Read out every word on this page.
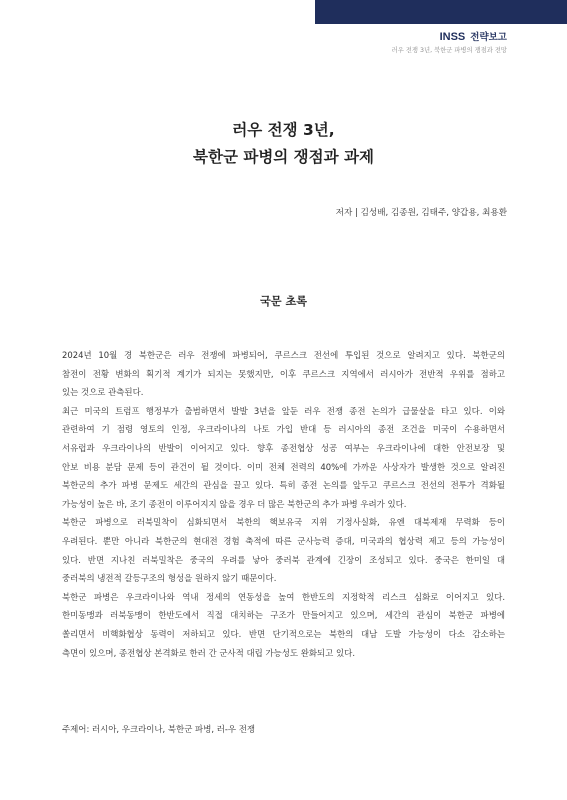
INSS 전략보고
러우 전쟁 3년, 북한군 파병의 쟁점과 전망
러우 전쟁 3년,
북한군 파병의 쟁점과 과제
저자 | 김성배, 김종원, 김태주, 양갑용, 최용환
국문 초록
2024년 10월 경 북한군은 러우 전쟁에 파병되어, 쿠르스크 전선에 투입된 것으로 알려지고 있다. 북한군의
참전이 전황 변화의 획기적 계기가 되지는 못했지만, 이후 쿠르스크 지역에서 러시아가 전반적 우위를 점하고
있는 것으로 관측된다.
최근 미국의 트럼프 행정부가 출범하면서 발발 3년을 앞둔 러우 전쟁 종전 논의가 급물살을 타고 있다. 이와
관련하여 기 점령 영토의 인정, 우크라이나의 나토 가입 반대 등 러시아의 종전 조건을 미국이 수용하면서
서유럽과 우크라이나의 반발이 이어지고 있다. 향후 종전협상 성공 여부는 우크라이나에 대한 안전보장 및
안보 비용 분담 문제 등이 관건이 될 것이다. 이미 전체 전력의 40%에 가까운 사상자가 발생한 것으로 알려진
북한군의 추가 파병 문제도 세간의 관심을 끌고 있다. 특히 종전 논의를 앞두고 쿠르스크 전선의 전투가 격화될
가능성이 높은 바, 조기 종전이 이루어지지 않을 경우 더 많은 북한군의 추가 파병 우려가 있다.
북한군 파병으로 러북밀착이 심화되면서 북한의 핵보유국 지위 기정사실화, 유엔 대북제재 무력화 등이
우려된다. 뿐만 아니라 북한군의 현대전 경험 축적에 따른 군사능력 증대, 미국과의 협상력 제고 등의 가능성이
있다. 반면 지나친 러북밀착은 중국의 우려를 낳아 중러북 관계에 긴장이 조성되고 있다. 중국은 한미일 대
중러북의 냉전적 갈등구조의 형성을 원하지 않기 때문이다.
북한군 파병은 우크라이나와 역내 정세의 연동성을 높여 한반도의 지정학적 리스크 심화로 이어지고 있다.
한미동맹과 러북동맹이 한반도에서 직접 대치하는 구조가 만들어지고 있으며, 세간의 관심이 북한군 파병에
쏠리면서 비핵화협상 동력이 저하되고 있다. 반면 단기적으로는 북한의 대남 도발 가능성이 다소 감소하는
측면이 있으며, 종전협상 본격화로 한러 간 군사적 대립 가능성도 완화되고 있다.
주제어: 러시아, 우크라이나, 북한군 파병, 러-우 전쟁
